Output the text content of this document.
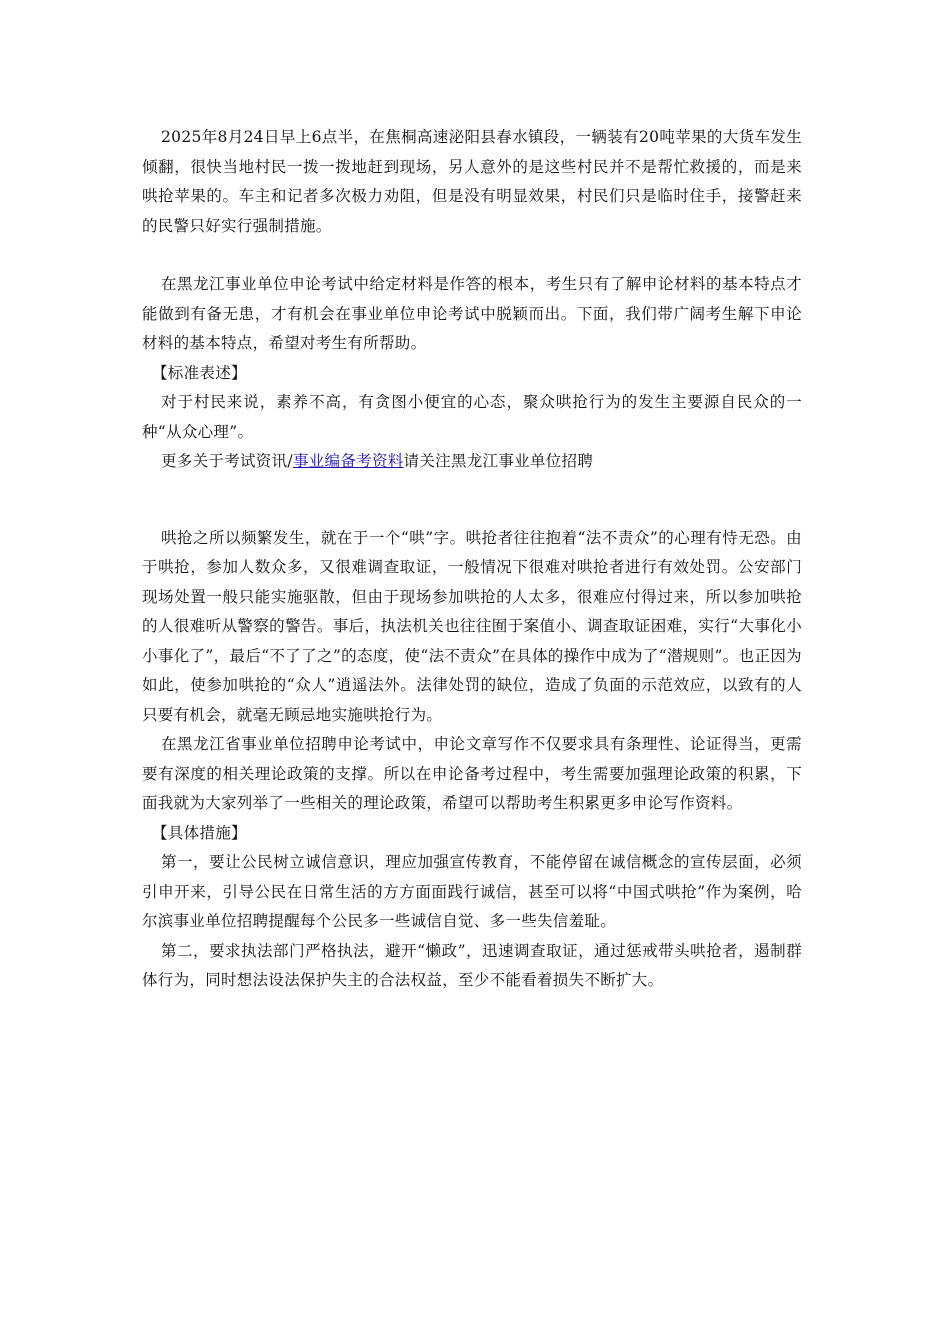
2025年8月24日早上6点半，在焦桐高速泌阳县春水镇段，一辆装有20吨苹果的大货车发生倾翻，很快当地村民一拨一拨地赶到现场，另人意外的是这些村民并不是帮忙救援的，而是来哄抢苹果的。车主和记者多次极力劝阻，但是没有明显效果，村民们只是临时住手，接警赶来的民警只好实行强制措施。

在黑龙江事业单位申论考试中给定材料是作答的根本，考生只有了解申论材料的基本特点才能做到有备无患，才有机会在事业单位申论考试中脱颖而出。下面，我们带广阔考生解下申论材料的基本特点，希望对考生有所帮助。

【标准表述】

对于村民来说，素养不高，有贪图小便宜的心态，聚众哄抢行为的发生主要源自民众的一种“从众心理”。

更多关于考试资讯/事业编备考资料请关注黑龙江事业单位招聘

哄抢之所以频繁发生，就在于一个“哄”字。哄抢者往往抱着“法不责众”的心理有恃无恐。由于哄抢，参加人数众多，又很难调查取证，一般情况下很难对哄抢者进行有效处罚。公安部门现场处置一般只能实施驱散，但由于现场参加哄抢的人太多，很难应付得过来，所以参加哄抢的人很难听从警察的警告。事后，执法机关也往往囿于案值小、调查取证困难，实行“大事化小小事化了”，最后“不了了之”的态度，使“法不责众”在具体的操作中成为了“潜规则”。也正因为如此，使参加哄抢的“众人”逍遥法外。法律处罚的缺位，造成了负面的示范效应，以致有的人只要有机会，就毫无顾忌地实施哄抢行为。

在黑龙江省事业单位招聘申论考试中，申论文章写作不仅要求具有条理性、论证得当，更需要有深度的相关理论政策的支撑。所以在申论备考过程中，考生需要加强理论政策的积累，下面我就为大家列举了一些相关的理论政策，希望可以帮助考生积累更多申论写作资料。

【具体措施】

第一，要让公民树立诚信意识，理应加强宣传教育，不能停留在诚信概念的宣传层面，必须引申开来，引导公民在日常生活的方方面面践行诚信，甚至可以将“中国式哄抢”作为案例，哈尔滨事业单位招聘提醒每个公民多一些诚信自觉、多一些失信羞耻。

第二，要求执法部门严格执法，避开“懒政”，迅速调查取证，通过惩戒带头哄抢者，遏制群体行为，同时想法设法保护失主的合法权益，至少不能看着损失不断扩大。
